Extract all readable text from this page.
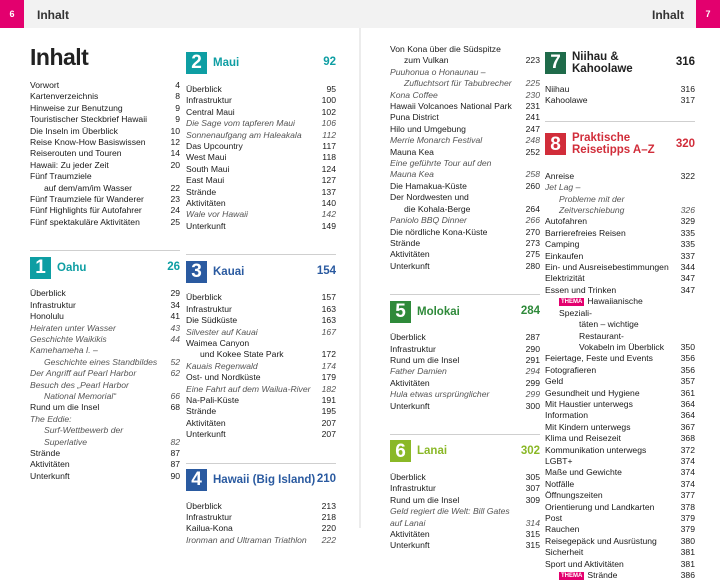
6	7
Inhalt	Inhalt
Inhalt
Vorwort	4
Kartenverzeichnis	8
Hinweise zur Benutzung	9
Touristischer Steckbrief Hawaii	9
Die Inseln im Überblick	10
Reise Know-How Basiswissen	12
Reiserouten und Touren	14
Hawaii: Zu jeder Zeit	20
Fünf Traumziele
auf dem/am/im Wasser	22
Fünf Traumziele für Wanderer	23
Fünf Highlights für Autofahrer	24
Fünf spektakuläre Aktivitäten	25
1 Oahu	26
Überblick	29
Infrastruktur	34
Honolulu	41
Heiraten unter Wasser	43
Geschichte Waikikis	44
Kamehameha I. –
Geschichte eines Standbildes	52
Der Angriff auf Pearl Harbor	62
Besuch des „Pearl Harbor
National Memorial“	66
Rund um die Insel	68
The Eddie:
Surf-Wettbewerb der Superlative	82
Strände	87
Aktivitäten	87
Unterkunft	90
2 Maui	92
Überblick	95
Infrastruktur	100
Central Maui	102
Die Sage vom tapferen Maui	106
Sonnenaufgang am Haleakala	112
Das Upcountry	117
West Maui	118
South Maui	124
East Maui	127
Strände	137
Aktivitäten	140
Wale vor Hawaii	142
Unterkunft	149
3 Kauai	154
Überblick	157
Infrastruktur	163
Die Südküste	163
Silvester auf Kauai	167
Waimea Canyon
und Kokee State Park	172
Kauais Regenwald	174
Ost- und Nordküste	179
Eine Fahrt auf dem Wailua-River	182
Na-Pali-Küste	191
Strände	195
Aktivitäten	207
Unterkunft	207
4 Hawaii (Big Island) 210
Überblick	213
Infrastruktur	218
Kailua-Kona	220
Ironman and Ultraman Triathlon	222
Von Kona über die Südspitze
zum Vulkan	223
Puuhonua o Honaunau –
Zufluchtsort für Tabubrecher	225
Kona Coffee	230
Hawaii Volcanoes National Park	231
Puna District	241
Hilo und Umgebung	247
Merrie Monarch Festival	248
Mauna Kea	252
Eine geführte Tour auf den Mauna Kea	258
Die Hamakua-Küste	260
Der Nordwesten und
die Kohala-Berge	264
Paniolo BBQ Dinner	266
Die nördliche Kona-Küste	270
Strände	273
Aktivitäten	275
Unterkunft	280
5 Molokai	284
Überblick	287
Infrastruktur	290
Rund um die Insel	291
Father Damien	294
Aktivitäten	299
Hula etwas ursprünglicher	299
Unterkunft	300
6 Lanai	302
Überblick	305
Infrastruktur	307
Rund um die Insel	309
Geld regiert die Welt: Bill Gates auf Lanai	314
Aktivitäten	315
Unterkunft	315
7 Niihau & Kahoolawe
316
Niihau	316
Kahoolawe	317
8 Praktische
Reisetipps A–Z
320
Anreise	322
Jet Lag –
Probleme mit der Zeitverschiebung	326
Autofahren	329
Barrierefreies Reisen	335
Camping	335
Einkaufen	337
Ein- und Ausreisebestimmungen	344
Elektrizität	347
Essen und Trinken	347
THEMA Hawaiianische Speziali-
täten – wichtige Restaurant-
Vokabeln im Überblick	350
Feiertage, Feste und Events	356
Fotografieren	356
Geld	357
Gesundheit und Hygiene	361
Mit Haustier unterwegs	364
Information	364
Mit Kindern unterwegs	367
Klima und Reisezeit	368
Kommunikation unterwegs	372
LGBT+	374
Maße und Gewichte	374
Notfälle	374
Öffnungszeiten	377
Orientierung und Landkarten	378
Post	379
Rauchen	379
Reisegepäck und Ausrüstung	380
Sicherheit	381
Sport und Aktivitäten	381
THEMA Strände	386
